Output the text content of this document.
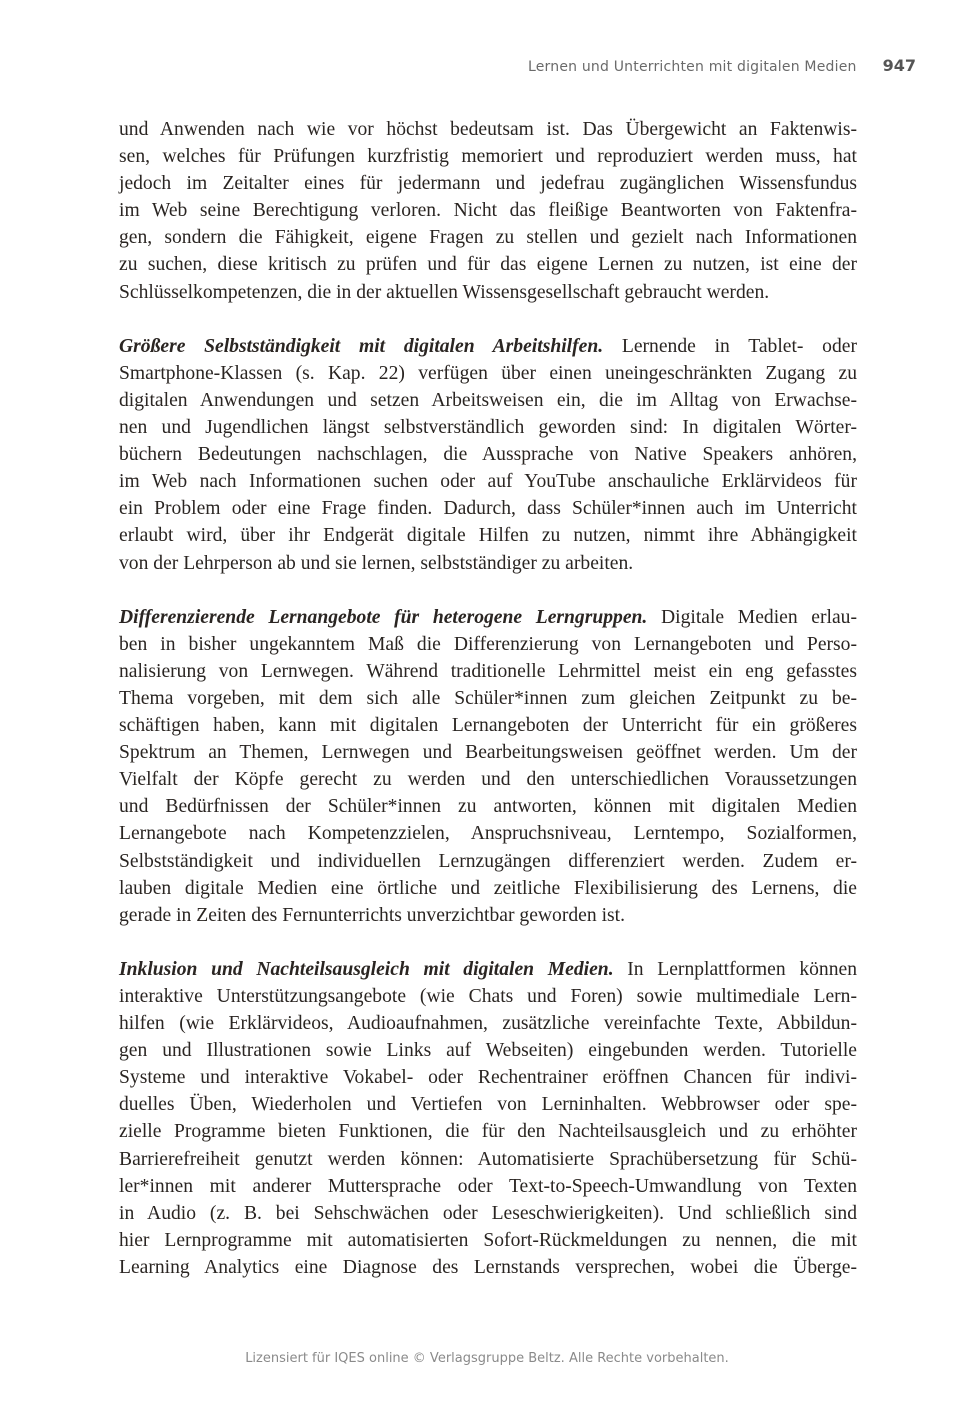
Lernen und Unterrichten mit digitalen Medien 947
und Anwenden nach wie vor höchst bedeutsam ist. Das Übergewicht an Faktenwis-
sen, welches für Prüfungen kurzfristig memoriert und reproduziert werden muss, hat
jedoch im Zeitalter eines für jedermann und jedefrau zugänglichen Wissensfundus
im Web seine Berechtigung verloren. Nicht das fleißige Beantworten von Faktenfra-
gen, sondern die Fähigkeit, eigene Fragen zu stellen und gezielt nach Informationen
zu suchen, diese kritisch zu prüfen und für das eigene Lernen zu nutzen, ist eine der
Schlüsselkompetenzen, die in der aktuellen Wissensgesellschaft gebraucht werden.
Größere Selbstständigkeit mit digitalen Arbeitshilfen. Lernende in Tablet- oder
Smartphone-Klassen (s. Kap. 22) verfügen über einen uneingeschränkten Zugang zu
digitalen Anwendungen und setzen Arbeitsweisen ein, die im Alltag von Erwachse-
nen und Jugendlichen längst selbstverständlich geworden sind: In digitalen Wörter-
büchern Bedeutungen nachschlagen, die Aussprache von Native Speakers anhören,
im Web nach Informationen suchen oder auf YouTube anschauliche Erklärvideos für
ein Problem oder eine Frage finden. Dadurch, dass Schüler*innen auch im Unterricht
erlaubt wird, über ihr Endgerät digitale Hilfen zu nutzen, nimmt ihre Abhängigkeit
von der Lehrperson ab und sie lernen, selbstständiger zu arbeiten.
Differenzierende Lernangebote für heterogene Lerngruppen. Digitale Medien erlau-
ben in bisher ungekanntem Maß die Differenzierung von Lernangeboten und Perso-
nalisierung von Lernwegen. Während traditionelle Lehrmittel meist ein eng gefasstes
Thema vorgeben, mit dem sich alle Schüler*innen zum gleichen Zeitpunkt zu be-
schäftigen haben, kann mit digitalen Lernangeboten der Unterricht für ein größeres
Spektrum an Themen, Lernwegen und Bearbeitungsweisen geöffnet werden. Um der
Vielfalt der Köpfe gerecht zu werden und den unterschiedlichen Voraussetzungen
und Bedürfnissen der Schüler*innen zu antworten, können mit digitalen Medien
Lernangebote nach Kompetenzzielen, Anspruchsniveau, Lerntempo, Sozialformen,
Selbstständigkeit und individuellen Lernzugängen differenziert werden. Zudem er-
lauben digitale Medien eine örtliche und zeitliche Flexibilisierung des Lernens, die
gerade in Zeiten des Fernunterrichts unverzichtbar geworden ist.
Inklusion und Nachteilsausgleich mit digitalen Medien. In Lernplattformen können
interaktive Unterstützungsangebote (wie Chats und Foren) sowie multimediale Lern-
hilfen (wie Erklärvideos, Audioaufnahmen, zusätzliche vereinfachte Texte, Abbildun-
gen und Illustrationen sowie Links auf Webseiten) eingebunden werden. Tutorielle
Systeme und interaktive Vokabel- oder Rechentrainer eröffnen Chancen für indivi-
duelles Üben, Wiederholen und Vertiefen von Lerninhalten. Webbrowser oder spe-
zielle Programme bieten Funktionen, die für den Nachteilsausgleich und zu erhöhter
Barrierefreiheit genutzt werden können: Automatisierte Sprachübersetzung für Schü-
ler*innen mit anderer Muttersprache oder Text-to-Speech-Umwandlung von Texten
in Audio (z. B. bei Sehschwächen oder Leseschwierigkeiten). Und schließlich sind
hier Lernprogramme mit automatisierten Sofort-Rückmeldungen zu nennen, die mit
Learning Analytics eine Diagnose des Lernstands versprechen, wobei die Überge-
Lizensiert für IQES online © Verlagsgruppe Beltz. Alle Rechte vorbehalten.
